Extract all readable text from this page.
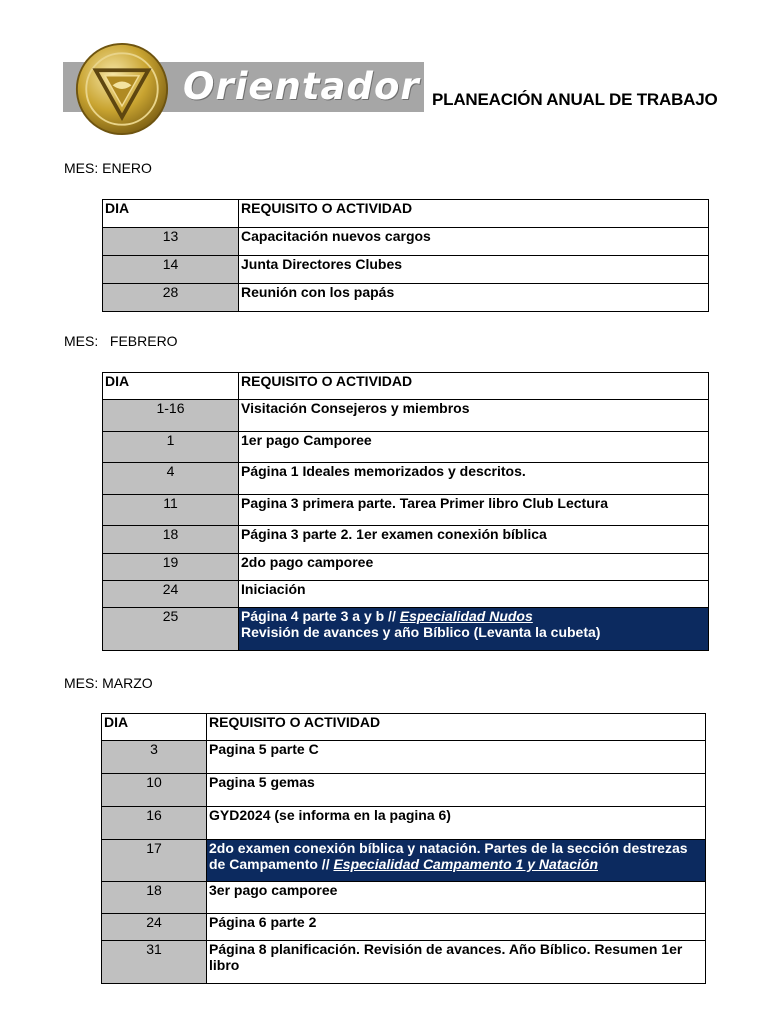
Orientador PLANEACIÓN ANUAL DE TRABAJO
MES: ENERO
DIA	REQUISITO O ACTIVIDAD
13	Capacitación nuevos cargos
14	Junta Directores Clubes
28	Reunión con los papás
MES:   FEBRERO
DIA	REQUISITO O ACTIVIDAD
1-16	Visitación Consejeros y miembros
1	1er pago Camporee
4	Página 1 Ideales memorizados y descritos.
11	Pagina 3 primera parte. Tarea Primer libro Club Lectura
18	Página 3 parte 2. 1er examen conexión bíblica
19	2do pago camporee
24	Iniciación
25	Página 4 parte 3 a y b // Especialidad Nudos
Revisión de avances y año Bíblico (Levanta la cubeta)
MES: MARZO
DIA	REQUISITO O ACTIVIDAD
3	Pagina 5 parte C
10	Pagina 5 gemas
16	GYD2024 (se informa en la pagina 6)
17	2do examen conexión bíblica y natación. Partes de la sección destrezas de Campamento // Especialidad Campamento 1 y Natación
18	3er pago camporee
24	Página 6 parte 2
31	Página 8 planificación. Revisión de avances. Año Bíblico. Resumen 1er libro
